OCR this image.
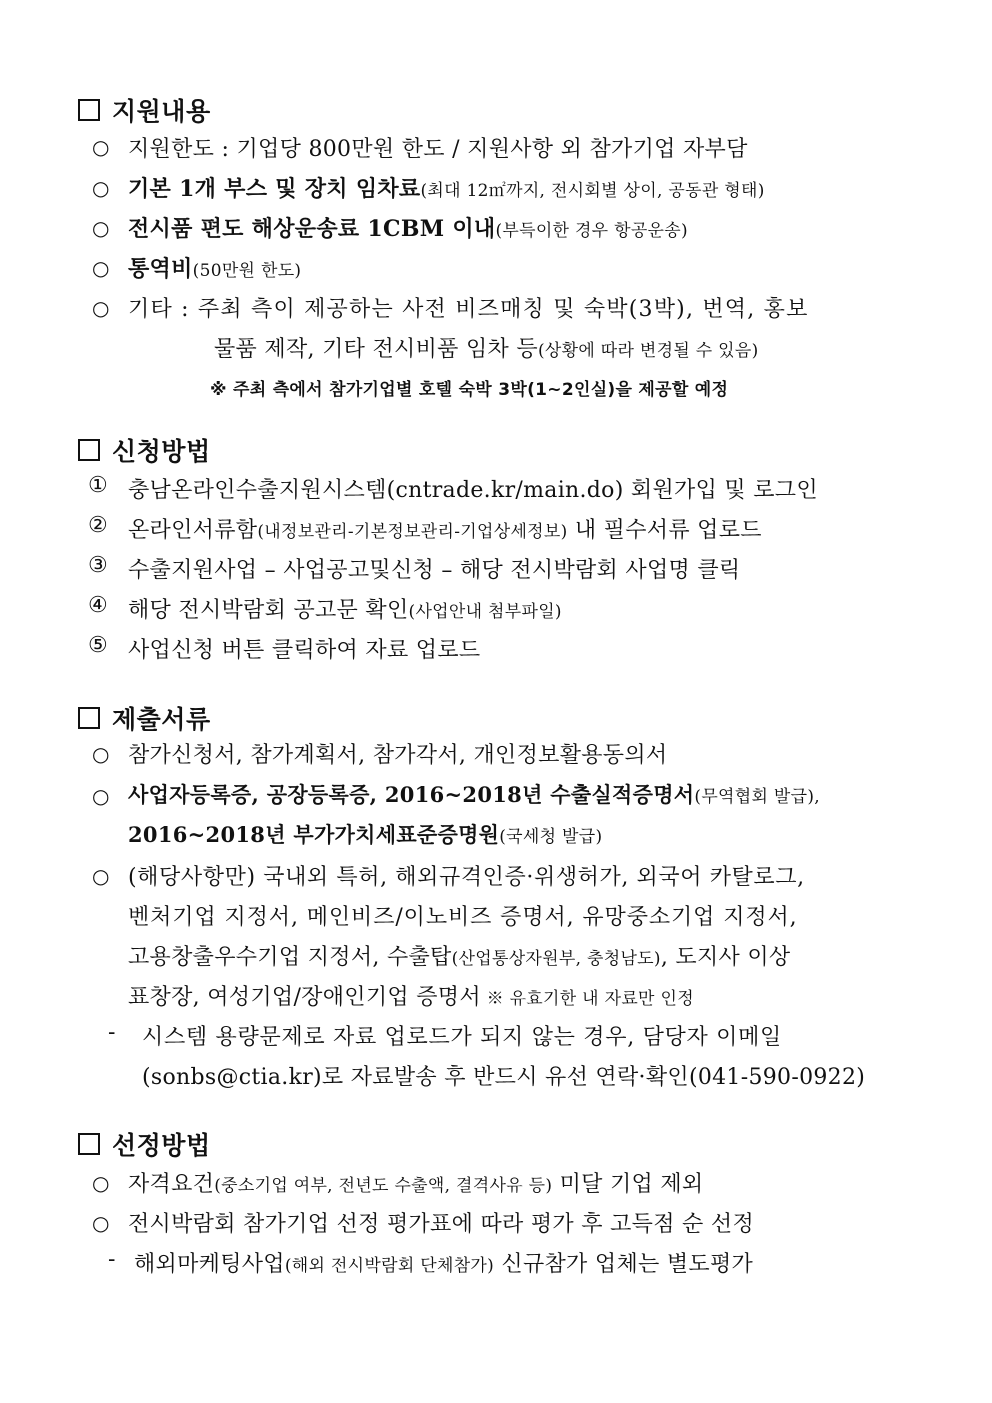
지원내용
○ 지원한도 : 기업당 800만원 한도 / 지원사항 외 참가기업 자부담
○ 기본 1개 부스 및 장치 임차료(최대 12㎡까지, 전시회별 상이, 공동관 형태)
○ 전시품 편도 해상운송료 1CBM 이내(부득이한 경우 항공운송)
○ 통역비(50만원 한도)
○ 기타 : 주최 측이 제공하는 사전 비즈매칭 및 숙박(3박), 번역, 홍보
물품 제작, 기타 전시비품 임차 등(상황에 따라 변경될 수 있음)
※ 주최 측에서 참가기업별 호텔 숙박 3박(1~2인실)을 제공할 예정
신청방법
① 충남온라인수출지원시스템(cntrade.kr/main.do) 회원가입 및 로그인
② 온라인서류함(내정보관리-기본정보관리-기업상세정보) 내 필수서류 업로드
③ 수출지원사업 – 사업공고및신청 – 해당 전시박람회 사업명 클릭
④ 해당 전시박람회 공고문 확인(사업안내 첨부파일)
⑤ 사업신청 버튼 클릭하여 자료 업로드
제출서류
○ 참가신청서, 참가계획서, 참가각서, 개인정보활용동의서
○ 사업자등록증, 공장등록증, 2016~2018년 수출실적증명서(무역협회 발급),
2016~2018년 부가가치세표준증명원(국세청 발급)
○ (해당사항만) 국내외 특허, 해외규격인증·위생허가, 외국어 카탈로그,
벤처기업 지정서, 메인비즈/이노비즈 증명서, 유망중소기업 지정서,
고용창출우수기업 지정서, 수출탑(산업통상자원부, 충청남도), 도지사 이상
표창장, 여성기업/장애인기업 증명서 ※ 유효기한 내 자료만 인정
- 시스템 용량문제로 자료 업로드가 되지 않는 경우, 담당자 이메일
(sonbs@ctia.kr)로 자료발송 후 반드시 유선 연락·확인(041-590-0922)
선정방법
○ 자격요건(중소기업 여부, 전년도 수출액, 결격사유 등) 미달 기업 제외
○ 전시박람회 참가기업 선정 평가표에 따라 평가 후 고득점 순 선정
- 해외마케팅사업(해외 전시박람회 단체참가) 신규참가 업체는 별도평가
